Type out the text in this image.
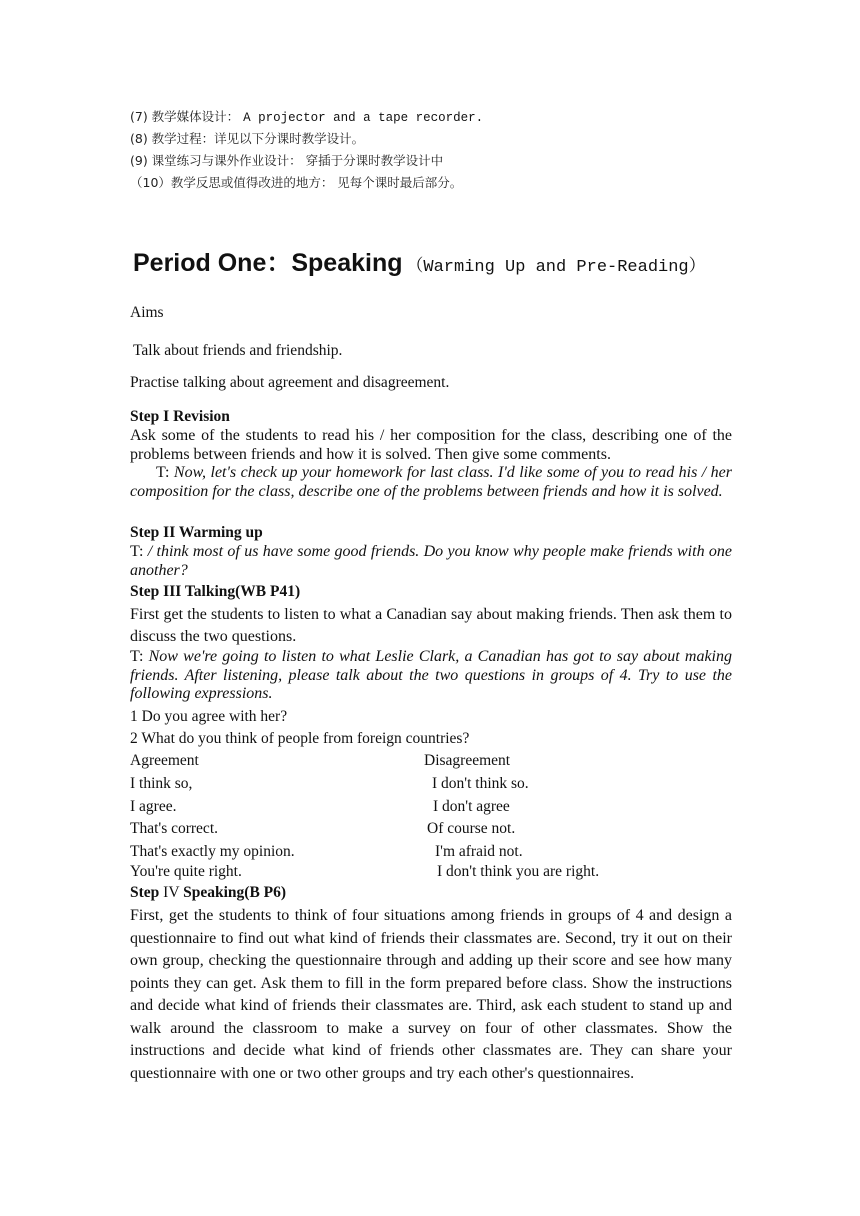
(7) 教学媒体设计： A projector and a tape recorder.
(8) 教学过程：详见以下分课时教学设计。
(9) 课堂练习与课外作业设计： 穿插于分课时教学设计中
（10）教学反思或值得改进的地方： 见每个课时最后部分。
Period One：Speaking （Warming Up and Pre-Reading）
Aims
Talk about friends and friendship.
Practise talking about agreement and disagreement.
Step I Revision
Ask some of the students to read his / her composition for the class, describing one of the problems between friends and how it is solved. Then give some comments.
T: Now, let's check up your homework for last class. I'd like some of you to read his / her composition for the class, describe one of the problems between friends and how it is solved.
Step II Warming up
T: / think most of us have some good friends. Do you know why people make friends with one another?
Step III Talking(WB P41)
First get the students to listen to what a Canadian say about making friends. Then ask them to discuss the two questions.
T: Now we're going to listen to what Leslie Clark, a Canadian has got to say about making friends. After listening, please talk about the two questions in groups of 4. Try to use the following expressions.
1 Do you agree with her?
2 What do you think of people from foreign countries?
Agreement	Disagreement
I think so,	I don't think so.
I agree.	I don't agree
That's correct.	Of course not.
That's exactly my opinion.	I'm afraid not.
You're quite right.	I don't think you are right.
Step IV Speaking(B P6)
First, get the students to think of four situations among friends in groups of 4 and design a questionnaire to find out what kind of friends their classmates are. Second, try it out on their own group, checking the questionnaire through and adding up their score and see how many points they can get. Ask them to fill in the form prepared before class. Show the instructions and decide what kind of friends their classmates are. Third, ask each student to stand up and walk around the classroom to make a survey on four of other classmates. Show the instructions and decide what kind of friends other classmates are. They can share your questionnaire with one or two other groups and try each other's questionnaires.
